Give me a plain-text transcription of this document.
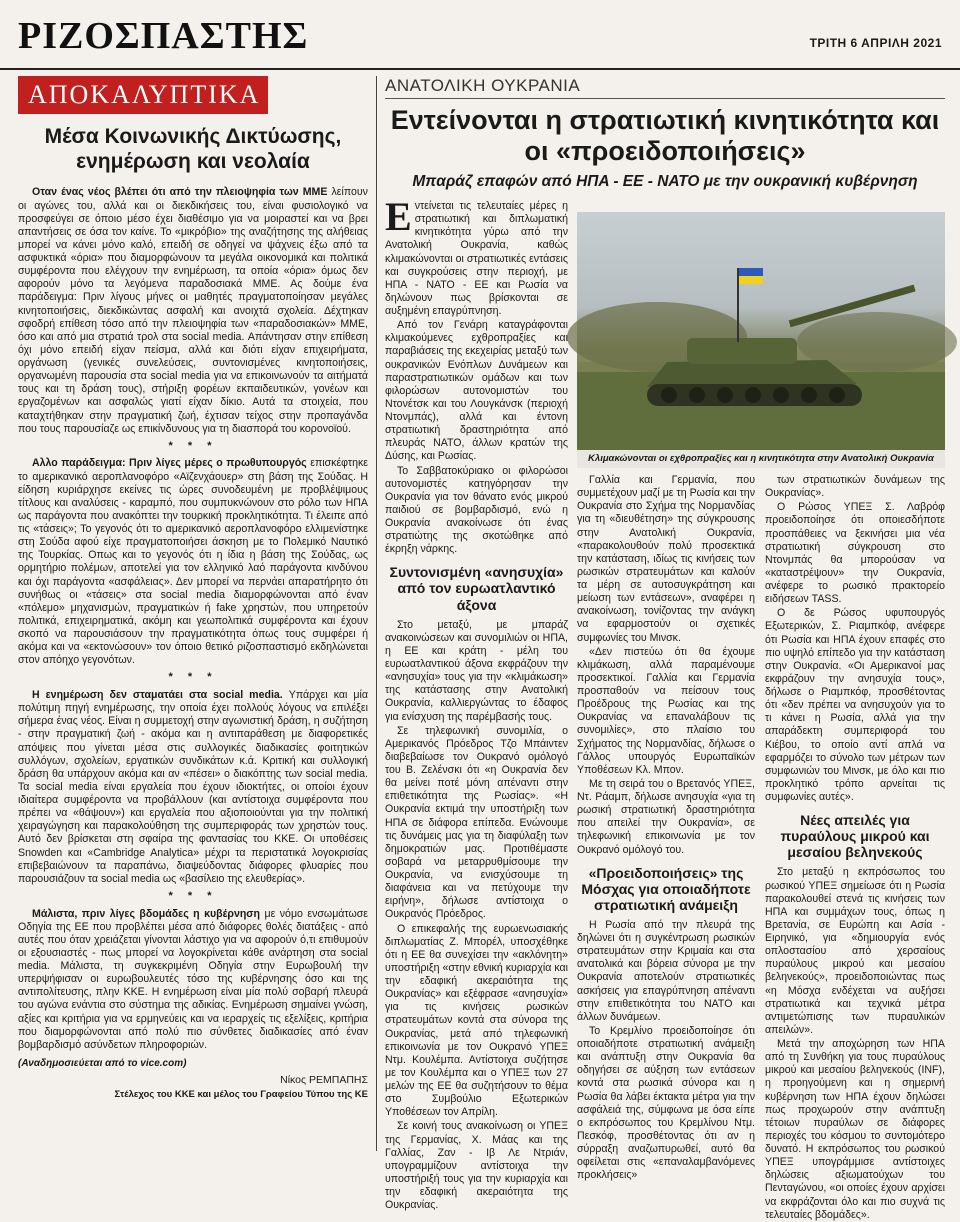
ΡΙΖΟΣΠΑΣΤΗΣ	ΤΡΙΤΗ 6 ΑΠΡΙΛΗ 2021
ΑΠΟΚΑΛΥΠΤΙΚΑ
Μέσα Κοινωνικής Δικτύωσης, ενημέρωση και νεολαία

Οταν ένας νέος βλέπει ότι από την πλειοψηφία των ΜΜΕ λείπουν οι αγώνες του, αλλά και οι διεκδικήσεις του, είναι φυσιολογικό να προσφεύγει σε όποιο μέσο έχει διαθέσιμο για να μοιραστεί και να βρει απαντήσεις σε όσα τον καίνε. Το «μικρόβιο» της αναζήτησης της αλήθειας μπορεί να κάνει μόνο καλό, επειδή σε οδηγεί να ψάχνεις έξω από τα ασφυκτικά «όρια» που διαμορφώνουν τα μεγάλα οικονομικά και πολιτικά συμφέροντα που ελέγχουν την ενημέρωση, τα οποία «όρια» όμως δεν αφορούν μόνο τα λεγόμενα παραδοσιακά ΜΜΕ. Ας δούμε ένα παράδειγμα: Πριν λίγους μήνες οι μαθητές πραγματοποίησαν μεγάλες κινητοποιήσεις, διεκδικώντας ασφαλή και ανοιχτά σχολεία. Δέχτηκαν σφοδρή επίθεση τόσο από την πλειοψηφία των «παραδοσιακών» ΜΜΕ, όσο και από μια στρατιά τρολ στα social media. Απάντησαν στην επίθεση όχι μόνο επειδή είχαν πείσμα, αλλά και διότι είχαν επιχειρήματα, οργάνωση (γενικές συνελεύσεις, συντονισμένες κινητοποιήσεις, οργανωμένη παρουσία στα social media για να επικοινωνούν τα αιτήματά τους και τη δράση τους), στήριξη φορέων εκπαιδευτικών, γονέων και εργαζομένων και ασφαλώς γιατί είχαν δίκιο. Αυτά τα στοιχεία, που καταχτήθηκαν στην πραγματική ζωή, έχτισαν τείχος στην προπαγάνδα που τους παρουσίαζε ως επικίνδυνους για τη διασπορά του κορονοϊού.

* * *

Αλλο παράδειγμα: Πριν λίγες μέρες ο πρωθυπουργός επισκέφτηκε το αμερικανικό αεροπλανοφόρο «Αϊζενχάουερ» στη βάση της Σούδας. Η είδηση κυριάρχησε εκείνες τις ώρες συνοδευμένη με προβλέψιμους τίτλους και αναλύσεις - καραμπό, που συμπυκνώνουν στο ρόλο των ΗΠΑ ως παράγοντα που ανακόπτει την τουρκική προκλητικότητα. Τι έλειπε από τις «τάσεις»; Το γεγονός ότι το αμερικανικό αεροπλανοφόρο ελλιμενίστηκε στη Σούδα αφού είχε πραγματοποιήσει άσκηση με το Πολεμικό Ναυτικό της Τουρκίας. Οπως και το γεγονός ότι η ίδια η βάση της Σούδας, ως ορμητήριο πολέμων, αποτελεί για τον ελληνικό λαό παράγοντα κινδύνου και όχι παράγοντα «ασφάλειας». Δεν μπορεί να περνάει απαρατήρητο ότι συνήθως οι «τάσεις» στα social media διαμορφώνονται από έναν «πόλεμο» μηχανισμών, πραγματικών ή fake χρηστών, που υπηρετούν πολιτικά, επιχειρηματικά, ακόμη και γεωπολιτικά συμφέροντα και έχουν σκοπό να παρουσιάσουν την πραγματικότητα όπως τους συμφέρει ή ακόμα και να «εκτονώσουν» τον όποιο θετικό ριζοσπαστισμό εκδηλώνεται στον απόηχο γεγονότων.

* * *

Η ενημέρωση δεν σταματάει στα social media. Υπάρχει και μία πολύτιμη πηγή ενημέρωσης, την οποία έχει πολλούς λόγους να επιλέξει σήμερα ένας νέος. Είναι η συμμετοχή στην αγωνιστική δράση, η συζήτηση - στην πραγματική ζωή - ακόμα και η αντιπαράθεση με διαφορετικές απόψεις που γίνεται μέσα στις συλλογικές διαδικασίες φοιτητικών συλλόγων, σχολείων, εργατικών συνδικάτων κ.ά. Κριτική και συλλογική δράση θα υπάρχουν ακόμα και αν «πέσει» ο διακόπτης των social media. Τα social media είναι εργαλεία που έχουν ιδιοκτήτες, οι οποίοι έχουν ιδιαίτερα συμφέροντα να προβάλλουν (και αντίστοιχα συμφέροντα που πρέπει να «θάψουν») και εργαλεία που αξιοποιούνται για την πολιτική χειραγώγηση και παρακολούθηση της συμπεριφοράς των χρηστών τους. Αυτό δεν βρίσκεται στη σφαίρα της φαντασίας του ΚΚΕ. Οι υποθέσεις Snowden και «Cambridge Analytica» μέχρι τα περιστατικά λογοκρισίας επιβεβαιώνουν τα παραπάνω, διαψεύδοντας διάφορες φλυαρίες που παρουσιάζουν τα social media ως «βασίλειο της ελευθερίας».

* * *

Μάλιστα, πριν λίγες βδομάδες η κυβέρνηση με νόμο ενσωμάτωσε Οδηγία της ΕΕ που προβλέπει μέσα από διάφορες θολές διατάξεις - από αυτές που όταν χρειάζεται γίνονται λάστιχο για να αφορούν ό,τι επιθυμούν οι εξουσιαστές - πως μπορεί να λογοκρίνεται κάθε ανάρτηση στα social media. Μάλιστα, τη συγκεκριμένη Οδηγία στην Ευρωβουλή την υπερψήφισαν οι ευρωβουλευτές τόσο της κυβέρνησης όσο και της αντιπολίτευσης, πλην ΚΚΕ. Η ενημέρωση είναι μία πολύ σοβαρή πλευρά του αγώνα ενάντια στο σύστημα της αδικίας. Ενημέρωση σημαίνει γνώση, αξίες και κριτήρια για να ερμηνεύεις και να ιεραρχείς τις εξελίξεις, κριτήρια που διαμορφώνονται από πολύ πιο σύνθετες διαδικασίες από έναν βομβαρδισμό ασύνδετων πληροφοριών.

(Αναδημοσιεύεται από το vice.com)
Νίκος ΡΕΜΠΑΠΗΣ
Στέλεχος του ΚΚΕ και μέλος του Γραφείου Τύπου της ΚΕ
ΑΝΑΤΟΛΙΚΗ ΟΥΚΡΑΝΙΑ
Εντείνονται η στρατιωτική κινητικότητα και οι «προειδοποιήσεις»
Μπαράζ επαφών από ΗΠΑ - ΕΕ - ΝΑΤΟ με την ουκρανική κυβέρνηση
Κλιμακώνονται οι εχθροπραξίες και η κινητικότητα στην Ανατολική Ουκρανία

Εντείνεται τις τελευταίες μέρες η στρατιωτική και διπλωματική κινητικότητα γύρω από την Ανατολική Ουκρανία, καθώς κλιμακώνονται οι στρατιωτικές εντάσεις και συγκρούσεις στην περιοχή, με ΗΠΑ - ΝΑΤΟ - ΕΕ και Ρωσία να δηλώνουν πως βρίσκονται σε αυξημένη επαγρύπνηση.

Από τον Γενάρη καταγράφονται κλιμακούμενες εχθροπραξίες και παραβιάσεις της εκεχειρίας μεταξύ των ουκρανικών Ενόπλων Δυνάμεων και παραστρατιωτικών ομάδων και των φιλορώσων αυτονομιστών του Ντονέτσκ και του Λουγκάνσκ (περιοχή Ντονμπάς), αλλά και έντονη στρατιωτική δραστηριότητα από πλευράς ΝΑΤΟ, άλλων κρατών της Δύσης, και Ρωσίας.

Το Σαββατοκύριακο οι φιλορώσοι αυτονομιστές κατηγόρησαν την Ουκρανία για τον θάνατο ενός μικρού παιδιού σε βομβαρδισμό, ενώ η Ουκρανία ανακοίνωσε ότι ένας στρατιώτης της σκοτώθηκε από έκρηξη νάρκης.

Συντονισμένη «ανησυχία» από τον ευρωατλαντικό άξονα

Στο μεταξύ, με μπαράζ ανακοινώσεων και συνομιλιών οι ΗΠΑ, η ΕΕ και κράτη - μέλη του ευρωατλαντικού άξονα εκφράζουν την «ανησυχία» τους για την «κλιμάκωση» της κατάστασης στην Ανατολική Ουκρανία, καλλιεργώντας το έδαφος για ενίσχυση της παρέμβασής τους.

Σε τηλεφωνική συνομιλία, ο Αμερικανός Πρόεδρος Τζο Μπάιντεν διαβεβαίωσε τον Ουκρανό ομόλογό του Β. Ζελένσκι ότι «η Ουκρανία δεν θα μείνει ποτέ μόνη απέναντι στην επιθετικότητα της Ρωσίας». «Η Ουκρανία εκτιμά την υποστήριξη των ΗΠΑ σε διάφορα επίπεδα. Ενώνουμε τις δυνάμεις μας για τη διαφύλαξη των δημοκρατιών μας. Προτιθέμαστε σοβαρά να μεταρρυθμίσουμε την Ουκρανία, να ενισχύσουμε τη διαφάνεια και να πετύχουμε την ειρήνη», δήλωσε αντίστοιχα ο Ουκρανός Πρόεδρος.

Ο επικεφαλής της ευρωενωσιακής διπλωματίας Ζ. Μπορέλ, υποσχέθηκε ότι η ΕΕ θα συνεχίσει την «ακλόνητη» υποστήριξη «στην εθνική κυριαρχία και την εδαφική ακεραιότητα της Ουκρανίας» και εξέφρασε «ανησυχία» για τις κινήσεις ρωσικών στρατευμάτων κοντά στα σύνορα της Ουκρανίας, μετά από τηλεφωνική επικοινωνία με τον Ουκρανό ΥΠΕΞ Ντμ. Κουλέμπα. Αντίστοιχα συζήτησε με τον Κουλέμπα και ο ΥΠΕΞ των 27 μελών της ΕΕ θα συζητήσουν το θέμα στο Συμβούλιο Εξωτερικών Υποθέσεων τον Απρίλη.

Σε κοινή τους ανακοίνωση οι ΥΠΕΞ της Γερμανίας, Χ. Μάας και της Γαλλίας, Ζαν - Ιβ Λε Ντριάν, υπογραμμίζουν αντίστοιχα την υποστήριξή τους για την κυριαρχία και την εδαφική ακεραιότητα της Ουκρανίας.

Γαλλία και Γερμανία, που συμμετέχουν μαζί με τη Ρωσία και την Ουκρανία στο Σχήμα της Νορμανδίας για τη «διευθέτηση» της σύγκρουσης στην Ανατολική Ουκρανία, «παρακολουθούν πολύ προσεκτικά την κατάσταση, ιδίως τις κινήσεις των ρωσικών στρατευμάτων και καλούν τα μέρη σε αυτοσυγκράτηση και μείωση των εντάσεων», αναφέρει η ανακοίνωση, τονίζοντας την ανάγκη να εφαρμοστούν οι σχετικές συμφωνίες του Μινσκ.

«Δεν πιστεύω ότι θα έχουμε κλιμάκωση, αλλά παραμένουμε προσεκτικοί. Γαλλία και Γερμανία προσπαθούν να πείσουν τους Προέδρους της Ρωσίας και της Ουκρανίας να επαναλάβουν τις συνομιλίες», στο πλαίσιο του Σχήματος της Νορμανδίας, δήλωσε ο Γάλλος υπουργός Ευρωπαϊκών Υποθέσεων Κλ. Μπον.

Με τη σειρά του ο Βρετανός ΥΠΕΞ, Ντ. Ράαμπ, δήλωσε ανησυχία «για τη ρωσική στρατιωτική δραστηριότητα που απειλεί την Ουκρανία», σε τηλεφωνική επικοινωνία με τον Ουκρανό ομόλογό του.

«Προειδοποιήσεις» της Μόσχας για οποιαδήποτε στρατιωτική ανάμειξη

Η Ρωσία από την πλευρά της δηλώνει ότι η συγκέντρωση ρωσικών στρατευμάτων στην Κριμαία και στα ανατολικά και βόρεια σύνορα με την Ουκρανία αποτελούν στρατιωτικές ασκήσεις για επαγρύπνηση απέναντι στην επιθετικότητα του ΝΑΤΟ και άλλων δυνάμεων.

Το Κρεμλίνο προειδοποίησε ότι οποιαδήποτε στρατιωτική ανάμειξη και ανάπτυξη στην Ουκρανία θα οδηγήσει σε αύξηση των εντάσεων κοντά στα ρωσικά σύνορα και η Ρωσία θα λάβει έκτακτα μέτρα για την ασφάλειά της, σύμφωνα με όσα είπε ο εκπρόσωπος του Κρεμλίνου Ντμ. Πεσκόφ, προσθέτοντας ότι αν η σύρραξη αναζωπυρωθεί, αυτό θα οφείλεται στις «επαναλαμβανόμενες προκλήσεις»

των στρατιωτικών δυνάμεων της Ουκρανίας».

Ο Ρώσος ΥΠΕΞ Σ. Λαβρόφ προειδοποίησε ότι οποιεσδήποτε προσπάθειες να ξεκινήσει μια νέα στρατιωτική σύγκρουση στο Ντονμπάς θα μπορούσαν να «καταστρέψουν» την Ουκρανία, ανέφερε το ρωσικό πρακτορείο ειδήσεων TASS.

Ο δε Ρώσος υφυπουργός Εξωτερικών, Σ. Ριαμπκόφ, ανέφερε ότι Ρωσία και ΗΠΑ έχουν επαφές στο πιο υψηλό επίπεδο για την κατάσταση στην Ουκρανία. «Οι Αμερικανοί μας εκφράζουν την ανησυχία τους», δήλωσε ο Ριαμπκόφ, προσθέτοντας ότι «δεν πρέπει να ανησυχούν για το τι κάνει η Ρωσία, αλλά για την απαράδεκτη συμπεριφορά του Κιέβου, το οποίο αντί απλά να εφαρμόζει το σύνολο των μέτρων των συμφωνιών του Μινσκ, με όλο και πιο προκλητικό τρόπο αρνείται τις συμφωνίες αυτές».

Νέες απειλές για πυραύλους μικρού και μεσαίου βεληνεκούς

Στο μεταξύ η εκπρόσωπος του ρωσικού ΥΠΕΞ σημείωσε ότι η Ρωσία παρακολουθεί στενά τις κινήσεις των ΗΠΑ και συμμάχων τους, όπως η Βρετανία, σε Ευρώπη και Ασία - Ειρηνικό, για «δημιουργία ενός οπλοστασίου από χερσαίους πυραύλους μικρού και μεσαίου βεληνεκούς», προειδοποιώντας πως «η Μόσχα ενδέχεται να αυξήσει στρατιωτικά και τεχνικά μέτρα αντιμετώπισης των πυραυλικών απειλών».

Μετά την αποχώρηση των ΗΠΑ από τη Συνθήκη για τους πυραύλους μικρού και μεσαίου βεληνεκούς (INF), η προηγούμενη και η σημερινή κυβέρνηση των ΗΠΑ έχουν δηλώσει πως προχωρούν στην ανάπτυξη τέτοιων πυραύλων σε διάφορες περιοχές του κόσμου το συντομότερο δυνατό. Η εκπρόσωπος του ρωσικού ΥΠΕΞ υπογράμμισε αντίστοιχες δηλώσεις αξιωματούχων του Πενταγώνου, «οι οποίες έχουν αρχίσει να εκφράζονται όλο και πιο συχνά τις τελευταίες βδομάδες».
